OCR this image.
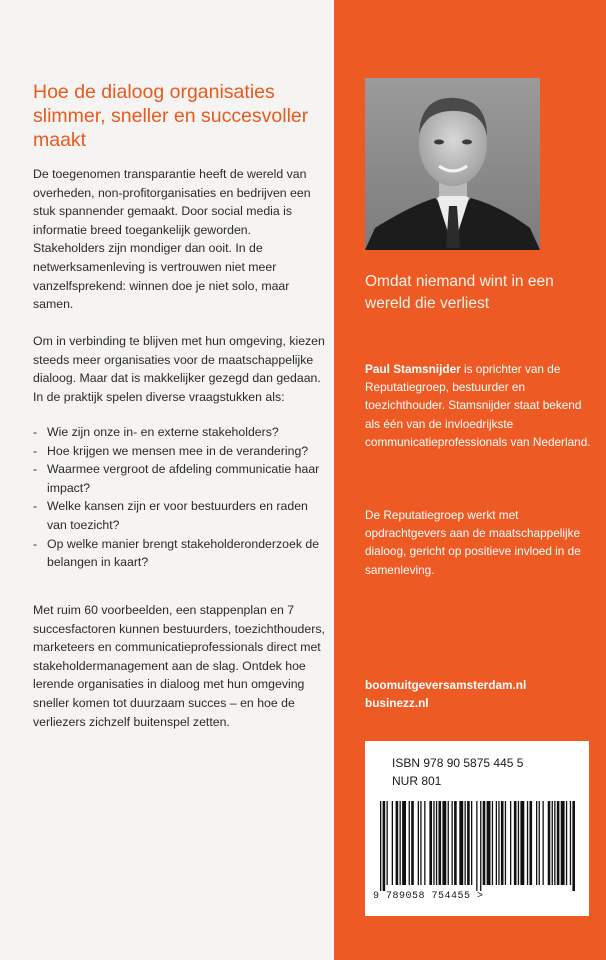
Hoe de dialoog organisaties slimmer, sneller en succesvoller maakt

De toegenomen transparantie heeft de wereld van overheden, non-profitorganisaties en bedrijven een stuk spannender gemaakt. Door social media is informatie breed toegankelijk geworden. Stakeholders zijn mondiger dan ooit. In de netwerksamenleving is vertrouwen niet meer vanzelfsprekend: winnen doe je niet solo, maar samen.

Om in verbinding te blijven met hun omgeving, kiezen steeds meer organisaties voor de maatschappelijke dialoog. Maar dat is makkelijker gezegd dan gedaan. In de praktijk spelen diverse vraagstukken als:

- Wie zijn onze in- en externe stakeholders?
- Hoe krijgen we mensen mee in de verandering?
- Waarmee vergroot de afdeling communicatie haar impact?
- Welke kansen zijn er voor bestuurders en raden van toezicht?
- Op welke manier brengt stakeholderonderzoek de belangen in kaart?

Met ruim 60 voorbeelden, een stappenplan en 7 succesfactoren kunnen bestuurders, toezichthouders, marketeers en communicatieprofessionals direct met stakeholdermanagement aan de slag. Ontdek hoe lerende organisaties in dialoog met hun omgeving sneller komen tot duurzaam succes – en hoe de verliezers zichzelf buitenspel zetten.

Omdat niemand wint in een wereld die verliest

Paul Stamsnijder is oprichter van de Reputatiegroep, bestuurder en toezichthouder. Stamsnijder staat bekend als één van de invloedrijkste communicatieprofessionals van Nederland.

De Reputatiegroep werkt met opdrachtgevers aan de maatschappelijke dialoog, gericht op positieve invloed in de samenleving.

boomuitgeversamsterdam.nl
businezz.nl
ISBN 978 90 5875 445 5
NUR 801
9 789058 754455 >
